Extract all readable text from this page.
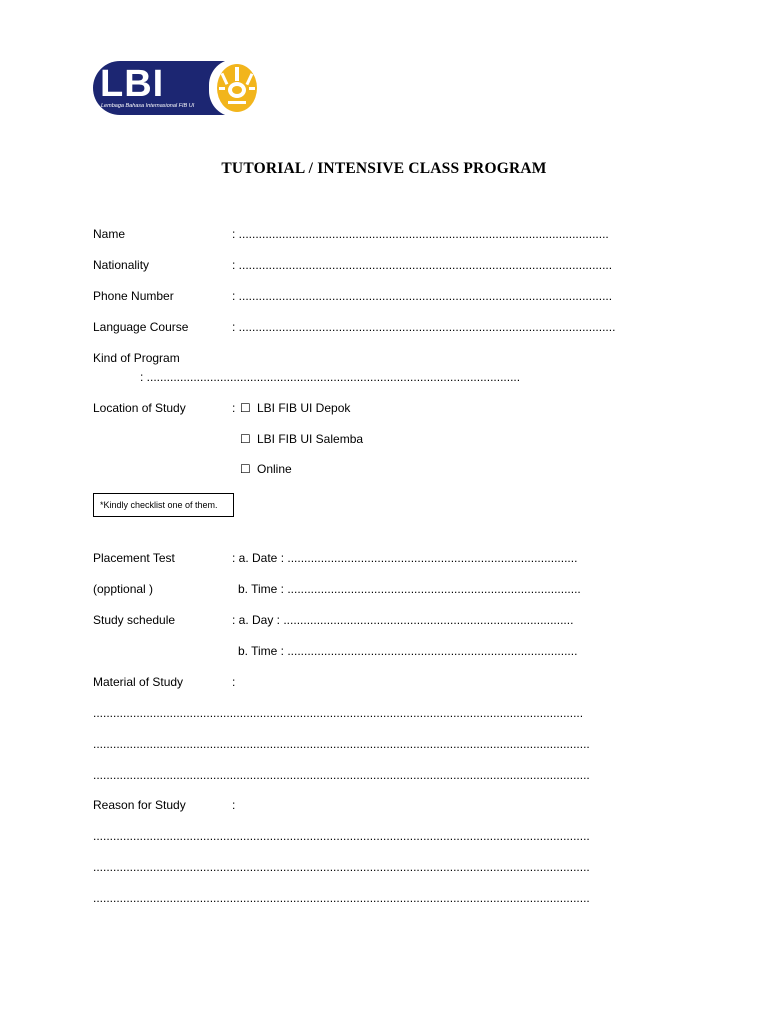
LBI
Lembaga Bahasa Internasional FIB UI
TUTORIAL / INTENSIVE CLASS PROGRAM
Name	: ...............................................................................................................
Nationality	: ................................................................................................................
Phone Number	: ................................................................................................................
Language Course	: .................................................................................................................
Kind of Program
: ................................................................................................................
Location of Study	: ☐ LBI FIB UI Depok
☐ LBI FIB UI Salemba
☐ Online
*Kindly checklist one of them.
Placement Test	: a. Date : .......................................................................................
(opptional )	b. Time : ........................................................................................
Study schedule	: a. Day : .......................................................................................
b. Time : .......................................................................................
Material of Study	:
...................................................................................................................................................
.....................................................................................................................................................
.....................................................................................................................................................
Reason for Study	:
.....................................................................................................................................................
.....................................................................................................................................................
.....................................................................................................................................................
